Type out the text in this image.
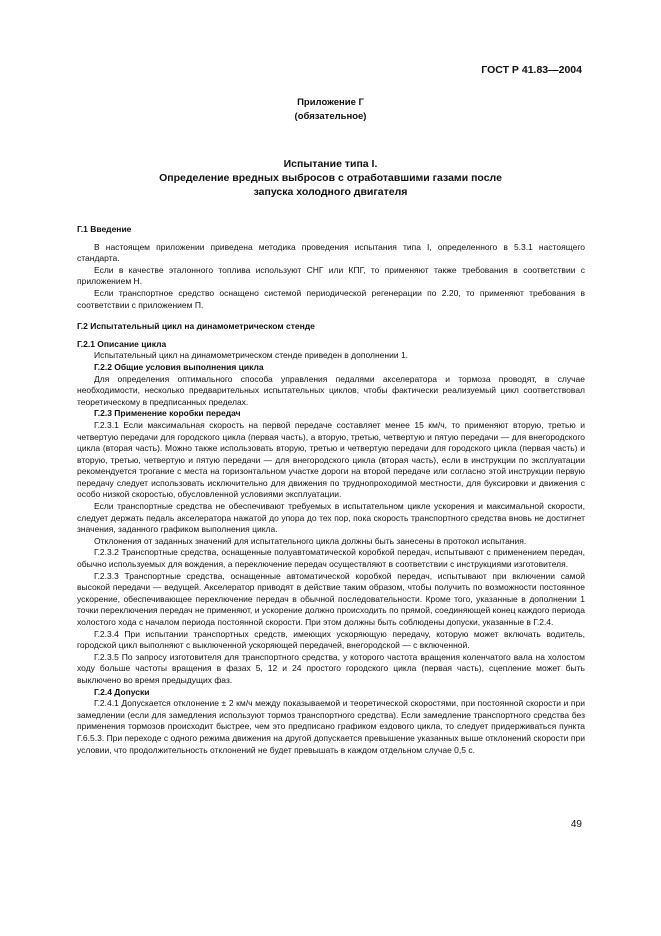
ГОСТ Р 41.83—2004
Приложение Г
(обязательное)
Испытание типа I.
Определение вредных выбросов с отработавшими газами после
запуска холодного двигателя

Г.1 Введение

В настоящем приложении приведена методика проведения испытания типа I, определенного в 5.3.1 настоящего стандарта.

Если в качестве эталонного топлива используют СНГ или КПГ, то применяют также требования в соответствии с приложением Н.

Если транспортное средство оснащено системой периодической регенерации по 2.20, то применяют требования в соответствии с приложением П.

Г.2 Испытательный цикл на динамометрическом стенде

Г.2.1 Описание цикла

Испытательный цикл на динамометрическом стенде приведен в дополнении 1.

Г.2.2 Общие условия выполнения цикла

Для определения оптимального способа управления педалями акселератора и тормоза проводят, в случае необходимости, несколько предварительных испытательных циклов, чтобы фактически реализуемый цикл соответствовал теоретическому в предписанных пределах.

Г.2.3 Применение коробки передач

Г.2.3.1 Если максимальная скорость на первой передаче составляет менее 15 км/ч, то применяют вторую, третью и четвертую передачи для городского цикла (первая часть), а вторую, третью, четвертую и пятую передачи — для внегородского цикла (вторая часть). Можно также использовать вторую, третью и четвертую передачи для городского цикла (первая часть) и вторую, третью, четвертую и пятую передачи — для внегородского цикла (вторая часть), если в инструкции по эксплуатации рекомендуется трогание с места на горизонтальном участке дороги на второй передаче или согласно этой инструкции первую передачу следует использовать исключительно для движения по труднопроходимой местности, для буксировки и движения с особо низкой скоростью, обусловленной условиями эксплуатации.

Если транспортные средства не обеспечивают требуемых в испытательном цикле ускорения и максимальной скорости, следует держать педаль акселератора нажатой до упора до тех пор, пока скорость транспортного средства вновь не достигнет значения, заданного графиком выполнения цикла.

Отклонения от заданных значений для испытательного цикла должны быть занесены в протокол испытания.

Г.2.3.2 Транспортные средства, оснащенные полуавтоматической коробкой передач, испытывают с применением передач, обычно используемых для вождения, а переключение передач осуществляют в соответствии с инструкциями изготовителя.

Г.2.3.3 Транспортные средства, оснащенные автоматической коробкой передач, испытывают при включении самой высокой передачи — ведущей. Акселератор приводят в действие таким образом, чтобы получить по возможности постоянное ускорение, обеспечивающее переключение передач в обычной последовательности. Кроме того, указанные в дополнении 1 точки переключения передач не применяют, и ускорение должно происходить по прямой, соединяющей конец каждого периода холостого хода с началом периода постоянной скорости. При этом должны быть соблюдены допуски, указанные в Г.2.4.

Г.2.3.4 При испытании транспортных средств, имеющих ускоряющую передачу, которую может включать водитель, городской цикл выполняют с выключенной ускоряющей передачей, внегородской — с включенной.

Г.2.3.5 По запросу изготовителя для транспортного средства, у которого частота вращения коленчатого вала на холостом ходу больше частоты вращения в фазах 5, 12 и 24 простого городского цикла (первая часть), сцепление может быть выключено во время предыдущих фаз.

Г.2.4 Допуски

Г.2.4.1 Допускается отклонение ± 2 км/ч между показываемой и теоретической скоростями, при постоянной скорости и при замедлении (если для замедления используют тормоз транспортного средства). Если замедление транспортного средства без применения тормозов происходит быстрее, чем это предписано графиком ездового цикла, то следует придерживаться пункта Г.6.5.3. При переходе с одного режима движения на другой допускается превышение указанных выше отклонений скорости при условии, что продолжительность отклонений не будет превышать в каждом отдельном случае 0,5 с.

49
